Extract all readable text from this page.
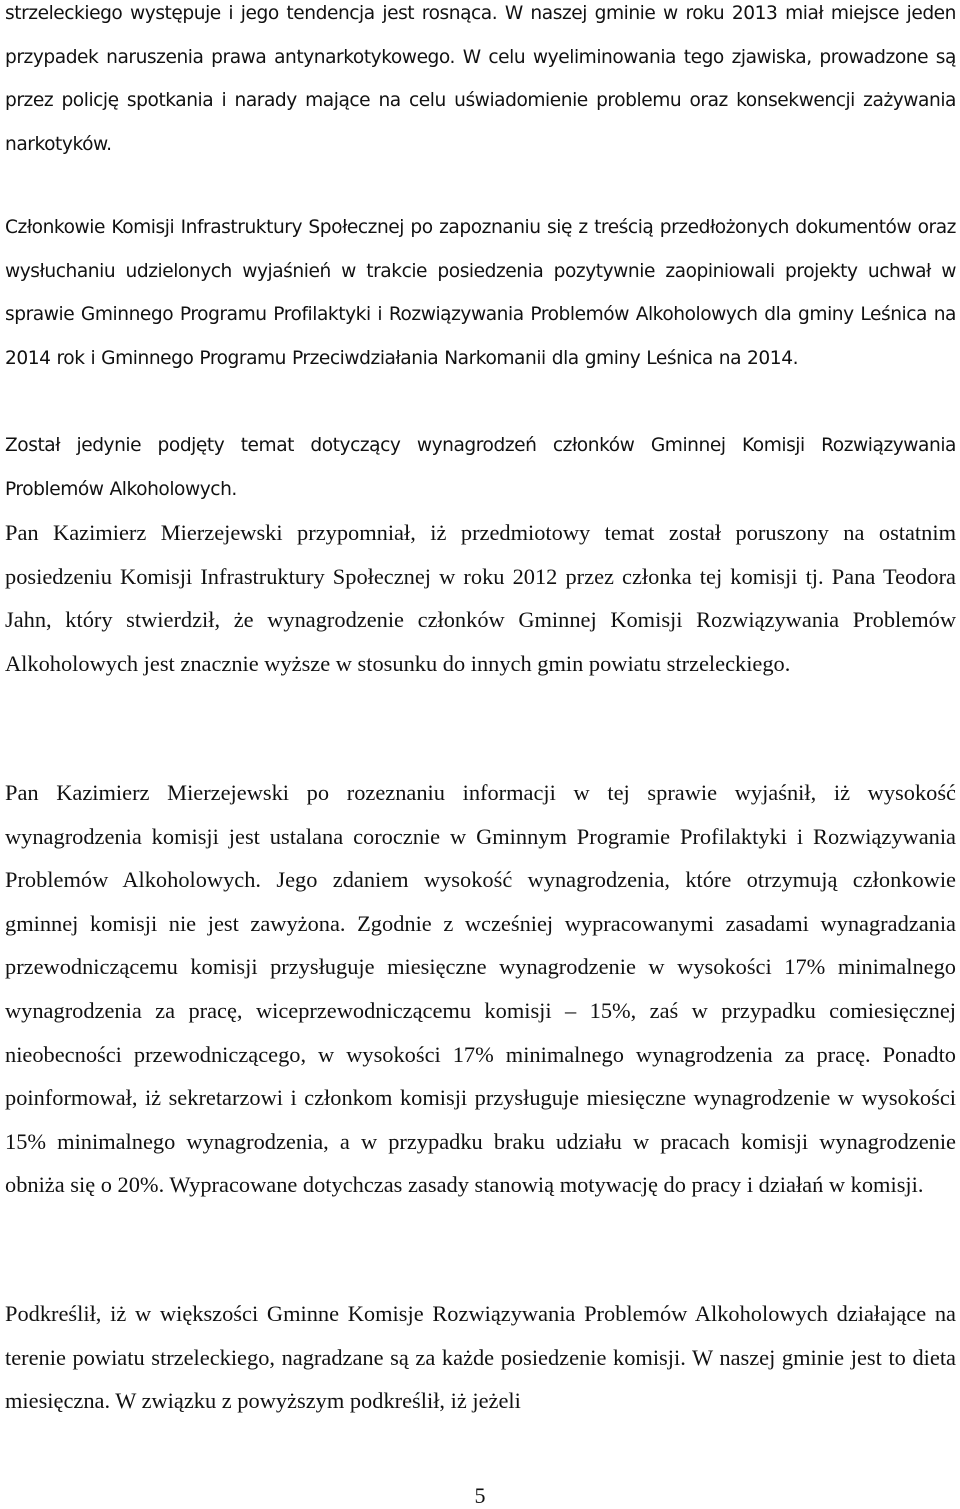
strzeleckiego występuje i jego tendencja jest rosnąca. W naszej gminie w roku 2013 miał miejsce jeden przypadek naruszenia prawa antynarkotykowego. W celu wyeliminowania tego zjawiska, prowadzone są przez policję spotkania i narady mające na celu uświadomienie problemu oraz konsekwencji zażywania narkotyków.

Członkowie Komisji Infrastruktury Społecznej po zapoznaniu się z treścią przedłożonych dokumentów oraz wysłuchaniu udzielonych wyjaśnień w trakcie posiedzenia pozytywnie zaopiniowali projekty uchwał w sprawie Gminnego Programu Profilaktyki i Rozwiązywania Problemów Alkoholowych dla gminy Leśnica na 2014 rok i Gminnego Programu Przeciwdziałania Narkomanii dla gminy Leśnica na 2014.

Został jedynie podjęty temat dotyczący wynagrodzeń członków Gminnej Komisji Rozwiązywania Problemów Alkoholowych.

Pan Kazimierz Mierzejewski przypomniał, iż przedmiotowy temat został poruszony na ostatnim posiedzeniu Komisji Infrastruktury Społecznej w roku 2012 przez członka tej komisji tj. Pana Teodora Jahn, który stwierdził, że wynagrodzenie członków Gminnej Komisji Rozwiązywania Problemów Alkoholowych jest znacznie wyższe w stosunku do innych gmin powiatu strzeleckiego.

Pan Kazimierz Mierzejewski po rozeznaniu informacji w tej sprawie wyjaśnił, iż wysokość wynagrodzenia komisji jest ustalana corocznie w Gminnym Programie Profilaktyki i Rozwiązywania Problemów Alkoholowych. Jego zdaniem wysokość wynagrodzenia, które otrzymują członkowie gminnej komisji nie jest zawyżona. Zgodnie z wcześniej wypracowanymi zasadami wynagradzania przewodniczącemu komisji przysługuje miesięczne wynagrodzenie w wysokości 17% minimalnego wynagrodzenia za pracę, wiceprzewodniczącemu komisji – 15%, zaś w przypadku comiesięcznej nieobecności przewodniczącego, w wysokości 17% minimalnego wynagrodzenia za pracę. Ponadto poinformował, iż sekretarzowi i członkom komisji przysługuje miesięczne wynagrodzenie w wysokości 15% minimalnego wynagrodzenia, a w przypadku braku udziału w pracach komisji wynagrodzenie obniża się o 20%. Wypracowane dotychczas zasady stanowią motywację do pracy i działań w komisji.

Podkreślił, iż w większości Gminne Komisje Rozwiązywania Problemów Alkoholowych działające na terenie powiatu strzeleckiego, nagradzane są za każde posiedzenie komisji. W naszej gminie jest to dieta miesięczna. W związku z powyższym podkreślił, iż jeżeli

5
